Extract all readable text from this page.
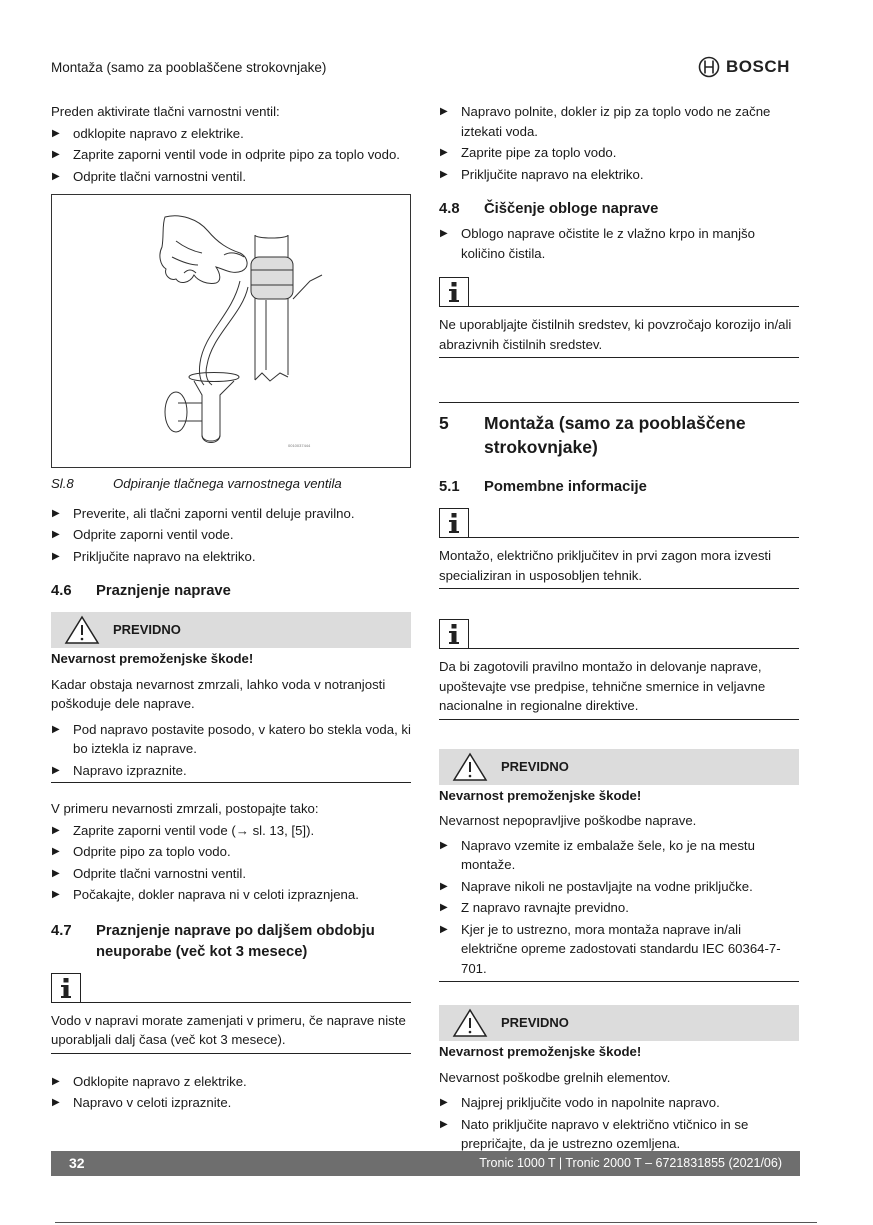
Montaža (samo za pooblaščene strokovnjake)	BOSCH

Preden aktivirate tlačni varnostni ventil:

▶ odklopite napravo z elektrike.

▶ Zaprite zaporni ventil vode in odprite pipo za toplo vodo.

▶ Odprite tlačni varnostni ventil.

0010037444
Sl.8	Odpiranje tlačnega varnostnega ventila

▶ Preverite, ali tlačni zaporni ventil deluje pravilno.

▶ Odprite zaporni ventil vode.

▶ Priključite napravo na elektriko.

4.6	Praznjenje naprave
PREVIDNO

Nevarnost premoženjske škode!

Kadar obstaja nevarnost zmrzali, lahko voda v notranjosti poškoduje dele naprave.

▶ Pod napravo postavite posodo, v katero bo stekla voda, ki bo iztekla iz naprave.

▶ Napravo izpraznite.

V primeru nevarnosti zmrzali, postopajte tako:

▶ Zaprite zaporni ventil vode (→ sl. 13, [5]).

▶ Odprite pipo za toplo vodo.

▶ Odprite tlačni varnostni ventil.

▶ Počakajte, dokler naprava ni v celoti izpraznjena.

4.7	Praznjenje naprave po daljšem obdobju neuporabe (več kot 3 mesece)

Vodo v napravi morate zamenjati v primeru, če naprave niste uporabljali dalj časa (več kot 3 mesece).

▶ Odklopite napravo z elektrike.

▶ Napravo v celoti izpraznite.

▶ Napravo polnite, dokler iz pip za toplo vodo ne začne iztekati voda.

▶ Zaprite pipe za toplo vodo.

▶ Priključite napravo na elektriko.

4.8	Čiščenje obloge naprave

▶ Oblogo naprave očistite le z vlažno krpo in manjšo količino čistila.

Ne uporabljajte čistilnih sredstev, ki povzročajo korozijo in/ali abrazivnih čistilnih sredstev.

5	Montaža (samo za pooblaščene strokovnjake)
5.1	Pomembne informacije

Montažo, električno priključitev in prvi zagon mora izvesti specializiran in usposobljen tehnik.

Da bi zagotovili pravilno montažo in delovanje naprave, upoštevajte vse predpise, tehnične smernice in veljavne nacionalne in regionalne direktive.

PREVIDNO

Nevarnost premoženjske škode!

Nevarnost nepopravljive poškodbe naprave.

▶ Napravo vzemite iz embalaže šele, ko je na mestu montaže.

▶ Naprave nikoli ne postavljajte na vodne priključke.

▶ Z napravo ravnajte previdno.

▶ Kjer je to ustrezno, mora montaža naprave in/ali električne opreme zadostovati standardu IEC 60364-7-701.

PREVIDNO

Nevarnost premoženjske škode!

Nevarnost poškodbe grelnih elementov.

▶ Najprej priključite vodo in napolnite napravo.

▶ Nato priključite napravo v električno vtičnico in se prepričajte, da je ustrezno ozemljena.

32	Tronic 1000 T | Tronic 2000 T – 6721831855 (2021/06)
